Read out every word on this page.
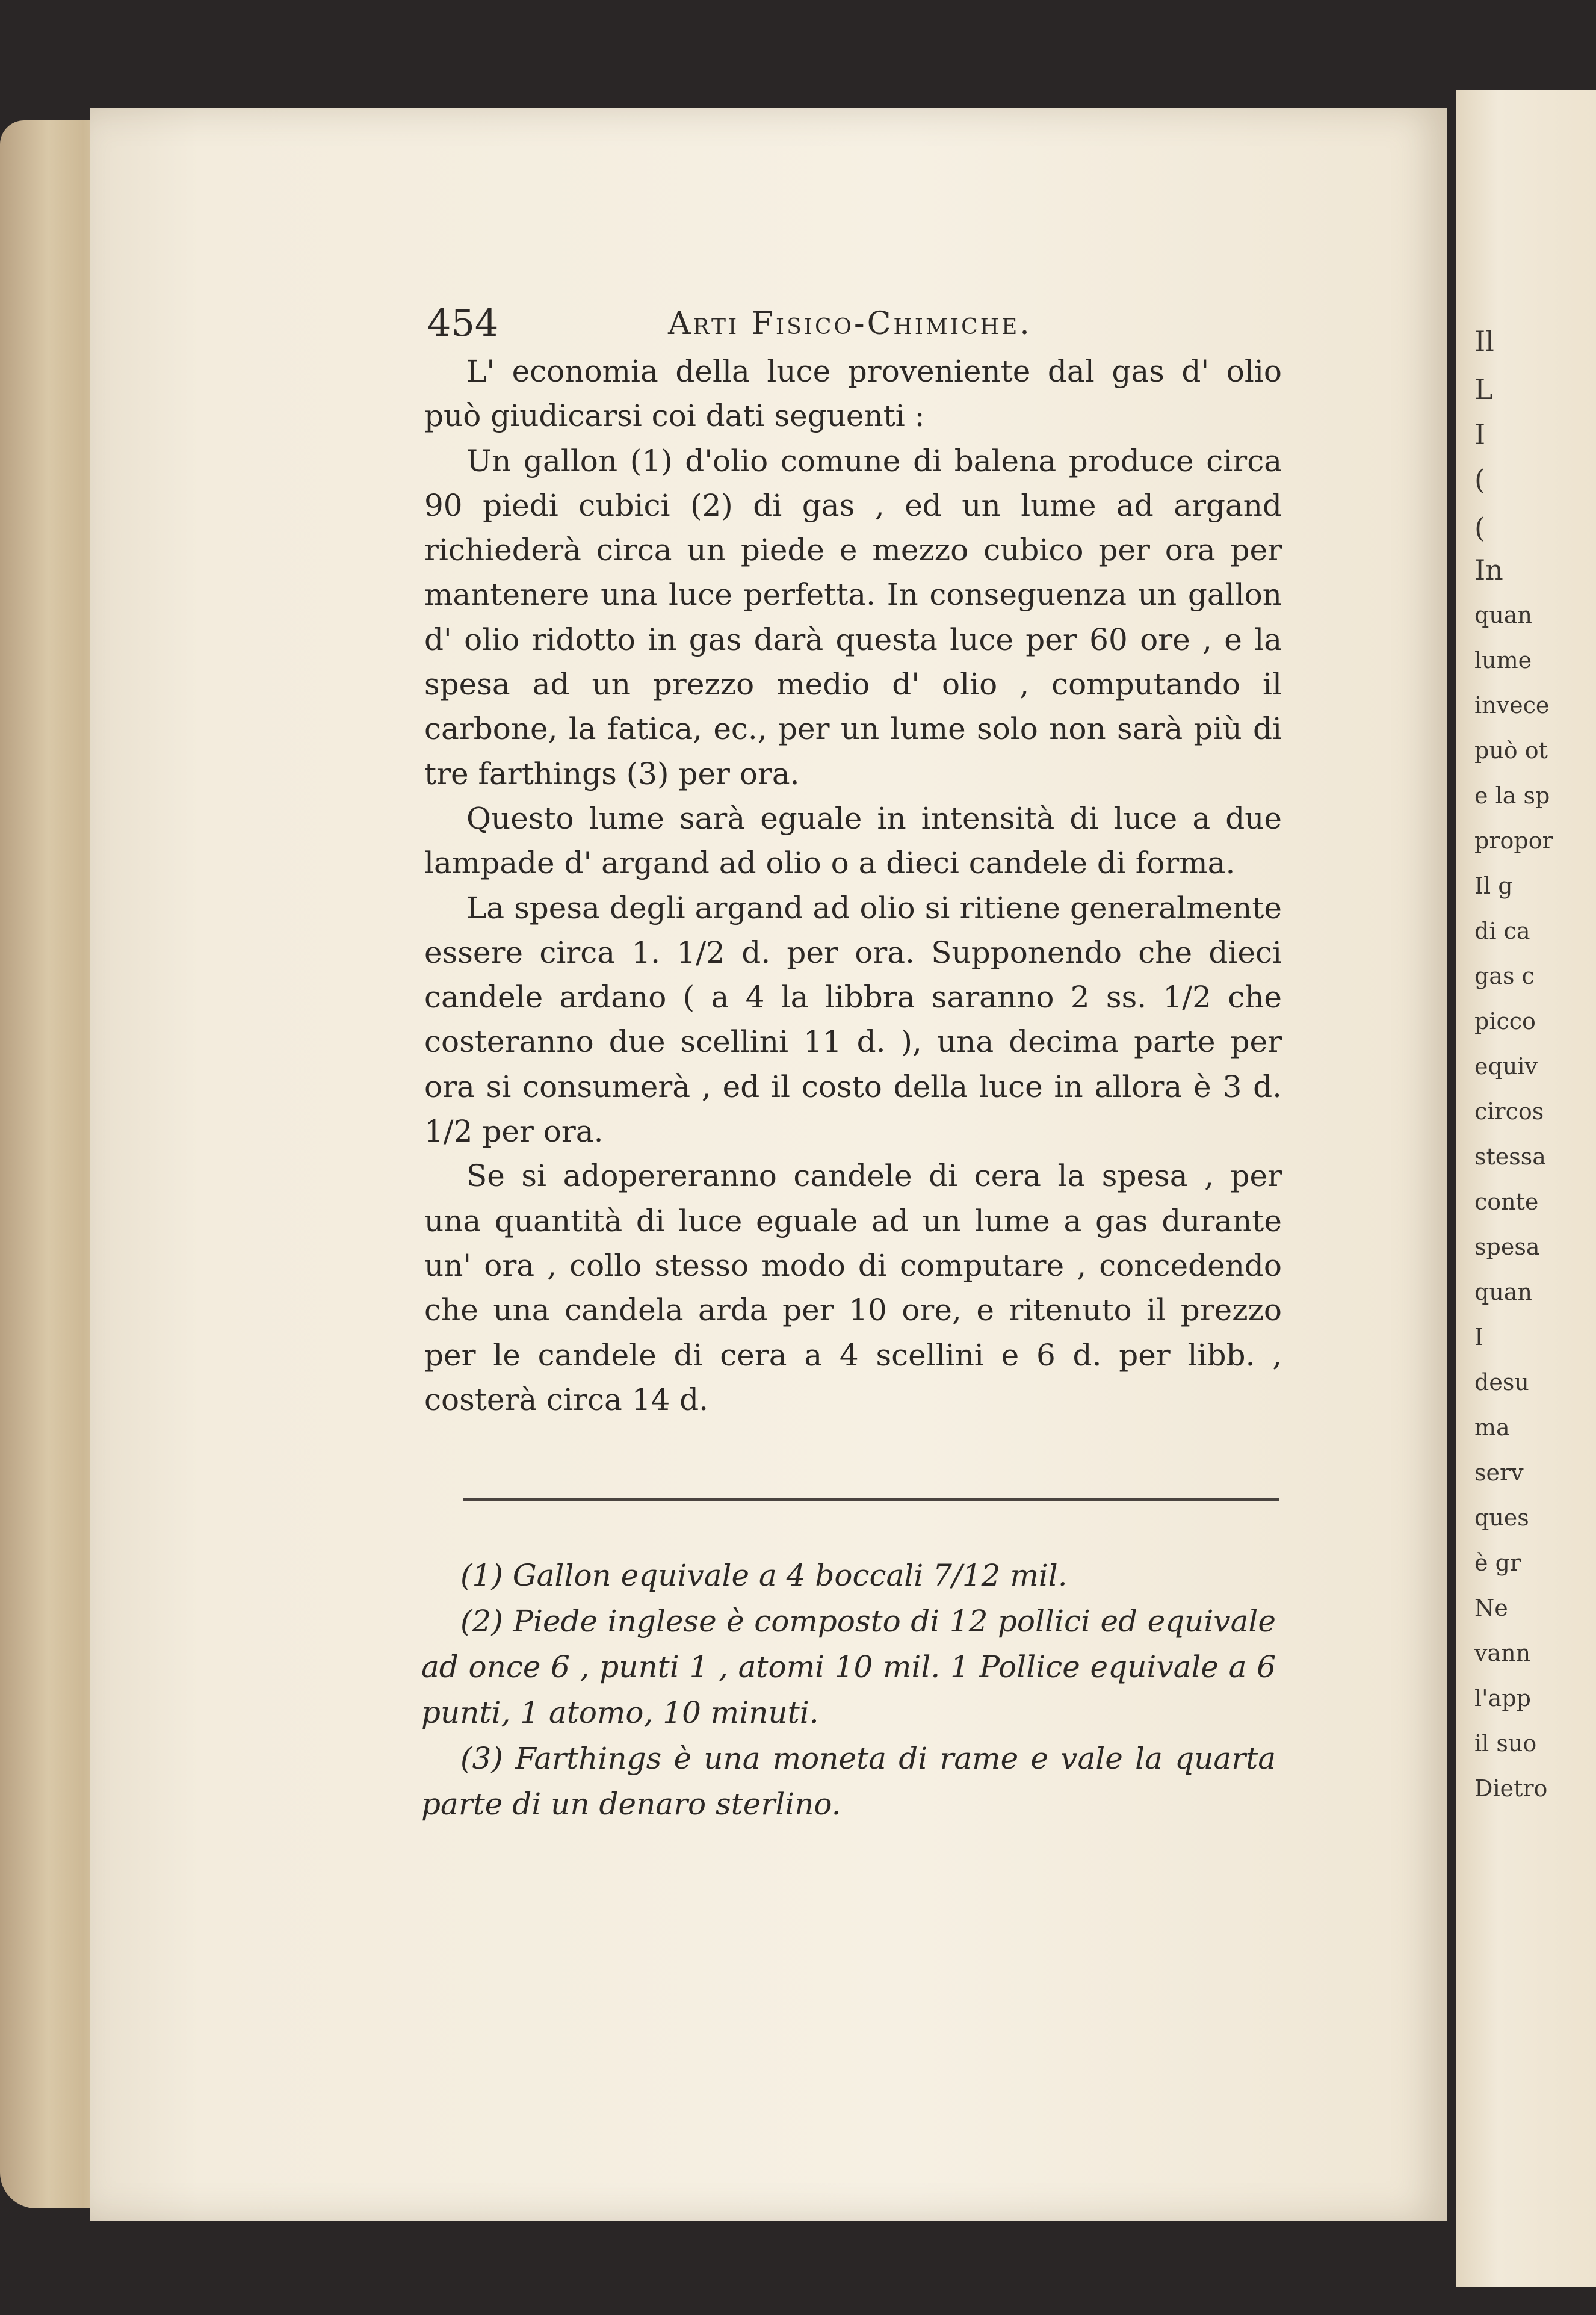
Il
L
I
(
(
In
quan
lume
invece
può ot
e la sp
propor
Il g
di ca
gas c
picco
equiv
circos
stessa
conte
spesa
quan
I
desu
ma
serv
ques
è gr
Ne
vann
l'app
il suo
Dietro
454	Arti Fisico-Chimiche.

L' economia della luce proveniente dal gas d' olio può giudicarsi coi dati seguenti :

Un gallon (1) d'olio comune di balena produce circa 90 piedi cubici (2) di gas , ed un lume ad argand richiederà circa un piede e mezzo cubico per ora per mantenere una luce perfetta. In conseguenza un gallon d' olio ridotto in gas darà questa luce per 60 ore , e la spesa ad un prezzo medio d' olio , computando il carbone, la fatica, ec., per un lume solo non sarà più di tre farthings (3) per ora.

Questo lume sarà eguale in intensità di luce a due lampade d' argand ad olio o a dieci candele di forma.

La spesa degli argand ad olio si ritiene generalmente essere circa 1. 1/2 d. per ora. Supponendo che dieci candele ardano ( a 4 la libbra saranno 2 ss. 1/2 che costeranno due scellini 11 d. ), una decima parte per ora si consumerà , ed il costo della luce in allora è 3 d. 1/2 per ora.

Se si adopereranno candele di cera la spesa , per una quantità di luce eguale ad un lume a gas durante un' ora , collo stesso modo di computare , concedendo che una candela arda per 10 ore, e ritenuto il prezzo per le candele di cera a 4 scellini e 6 d. per libb. , costerà circa 14 d.

(1) Gallon equivale a 4 boccali 7/12 mil.

(2) Piede inglese è composto di 12 pollici ed equivale ad once 6 , punti 1 , atomi 10 mil. 1 Pollice equivale a 6 punti, 1 atomo, 10 minuti.

(3) Farthings è una moneta di rame e vale la quarta parte di un denaro sterlino.
